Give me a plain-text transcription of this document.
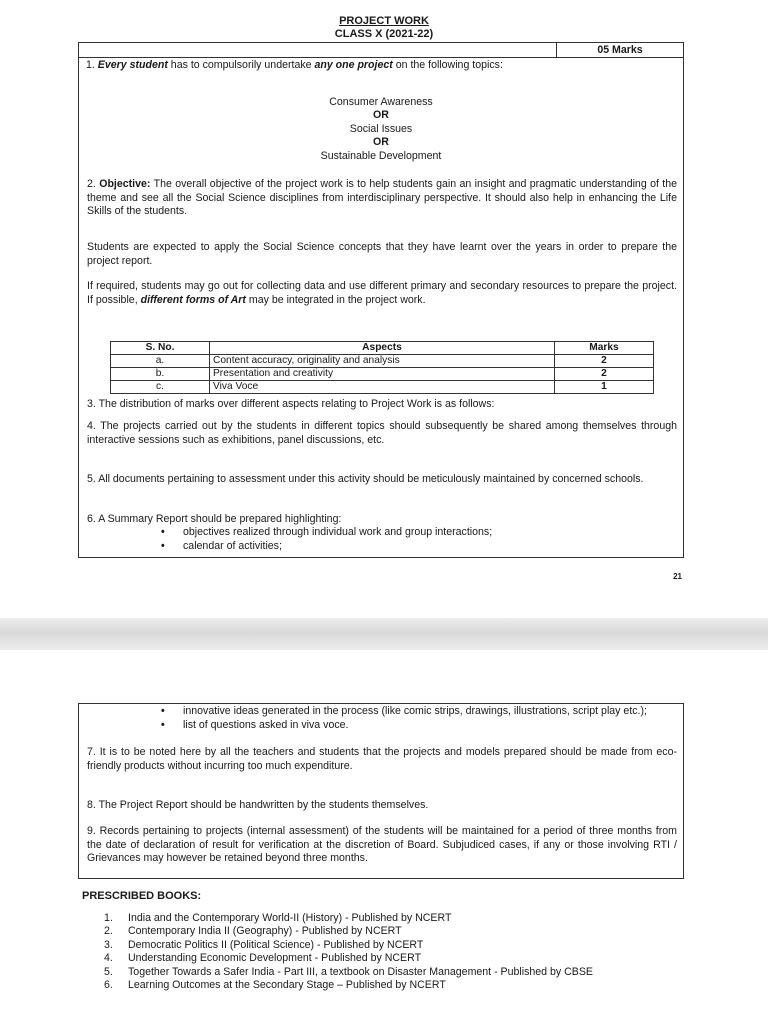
PROJECT WORK
CLASS X (2021-22)
05 Marks
1. Every student has to compulsorily undertake any one project on the following topics:
Consumer Awareness
OR
Social Issues
OR
Sustainable Development
2. Objective: The overall objective of the project work is to help students gain an insight and pragmatic understanding of the theme and see all the Social Science disciplines from interdisciplinary perspective. It should also help in enhancing the Life Skills of the students.
Students are expected to apply the Social Science concepts that they have learnt over the years in order to prepare the project report.
If required, students may go out for collecting data and use different primary and secondary resources to prepare the project. If possible, different forms of Art may be integrated in the project work.
S. No.	Aspects	Marks
a.	Content accuracy, originality and analysis	2
b.	Presentation and creativity	2
c.	Viva Voce	1
3. The distribution of marks over different aspects relating to Project Work is as follows:
4. The projects carried out by the students in different topics should subsequently be shared among themselves through interactive sessions such as exhibitions, panel discussions, etc.
5. All documents pertaining to assessment under this activity should be meticulously maintained by concerned schools.
6. A Summary Report should be prepared highlighting:
• objectives realized through individual work and group interactions;
• calendar of activities;
21
• innovative ideas generated in the process (like comic strips, drawings, illustrations, script play etc.);
• list of questions asked in viva voce.
7. It is to be noted here by all the teachers and students that the projects and models prepared should be made from eco-friendly products without incurring too much expenditure.
8. The Project Report should be handwritten by the students themselves.
9. Records pertaining to projects (internal assessment) of the students will be maintained for a period of three months from the date of declaration of result for verification at the discretion of Board. Subjudiced cases, if any or those involving RTI / Grievances may however be retained beyond three months.
PRESCRIBED BOOKS:
1. India and the Contemporary World-II (History) - Published by NCERT
2. Contemporary India II (Geography) - Published by NCERT
3. Democratic Politics II (Political Science) - Published by NCERT
4. Understanding Economic Development - Published by NCERT
5. Together Towards a Safer India - Part III, a textbook on Disaster Management - Published by CBSE
6. Learning Outcomes at the Secondary Stage – Published by NCERT
